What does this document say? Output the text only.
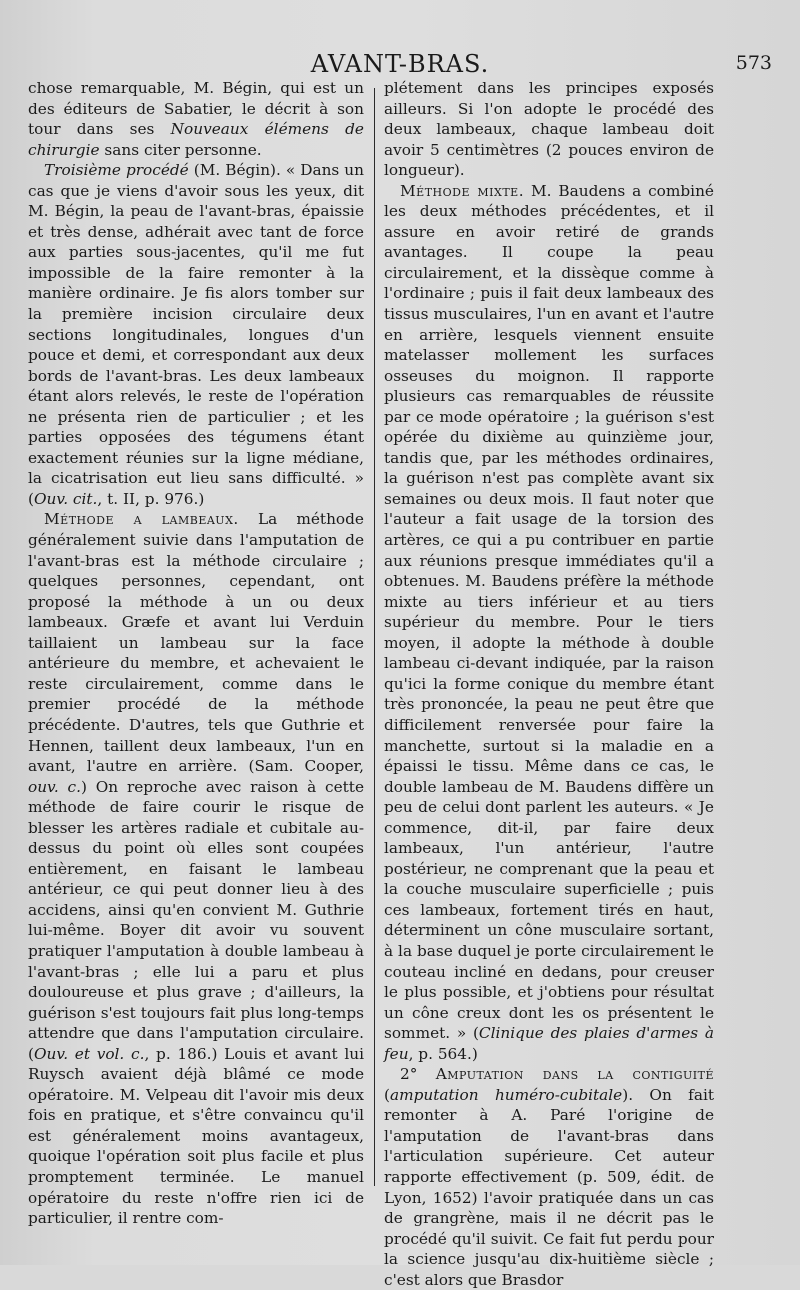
AVANT-BRAS.	573

chose remarquable, M. Bégin, qui est un des éditeurs de Sabatier, le décrit à son tour dans ses Nouveaux élémens de chirurgie sans citer personne.

Troisième procédé (M. Bégin). « Dans un cas que je viens d'avoir sous les yeux, dit M. Bégin, la peau de l'avant-bras, épaissie et très dense, adhérait avec tant de force aux parties sous-jacentes, qu'il me fut impossible de la faire remonter à la manière ordinaire. Je fis alors tomber sur la première incision circulaire deux sections longitudinales, longues d'un pouce et demi, et correspondant aux deux bords de l'avant-bras. Les deux lambeaux étant alors relevés, le reste de l'opération ne présenta rien de particulier ; et les parties opposées des tégumens étant exactement réunies sur la ligne médiane, la cicatrisation eut lieu sans difficulté. » (Ouv. cit., t. II, p. 976.)

Méthode a lambeaux. La méthode généralement suivie dans l'amputation de l'avant-bras est la méthode circulaire ; quelques personnes, cependant, ont proposé la méthode à un ou deux lambeaux. Græfe et avant lui Verduin taillaient un lambeau sur la face antérieure du membre, et achevaient le reste circulairement, comme dans le premier procédé de la méthode précédente. D'autres, tels que Guthrie et Hennen, taillent deux lambeaux, l'un en avant, l'autre en arrière. (Sam. Cooper, ouv. c.) On reproche avec raison à cette méthode de faire courir le risque de blesser les artères radiale et cubitale au-dessus du point où elles sont coupées entièrement, en faisant le lambeau antérieur, ce qui peut donner lieu à des accidens, ainsi qu'en convient M. Guthrie lui-même. Boyer dit avoir vu souvent pratiquer l'amputation à double lambeau à l'avant-bras ; elle lui a paru et plus douloureuse et plus grave ; d'ailleurs, la guérison s'est toujours fait plus long-temps attendre que dans l'amputation circulaire. (Ouv. et vol. c., p. 186.) Louis et avant lui Ruysch avaient déjà blâmé ce mode opératoire. M. Velpeau dit l'avoir mis deux fois en pratique, et s'être convaincu qu'il est généralement moins avantageux, quoique l'opération soit plus facile et plus promptement terminée. Le manuel opératoire du reste n'offre rien ici de particulier, il rentre com-

plétement dans les principes exposés ailleurs. Si l'on adopte le procédé des deux lambeaux, chaque lambeau doit avoir 5 centimètres (2 pouces environ de longueur).

Méthode mixte. M. Baudens a combiné les deux méthodes précédentes, et il assure en avoir retiré de grands avantages. Il coupe la peau circulairement, et la dissèque comme à l'ordinaire ; puis il fait deux lambeaux des tissus musculaires, l'un en avant et l'autre en arrière, lesquels viennent ensuite matelasser mollement les surfaces osseuses du moignon. Il rapporte plusieurs cas remarquables de réussite par ce mode opératoire ; la guérison s'est opérée du dixième au quinzième jour, tandis que, par les méthodes ordinaires, la guérison n'est pas complète avant six semaines ou deux mois. Il faut noter que l'auteur a fait usage de la torsion des artères, ce qui a pu contribuer en partie aux réunions presque immédiates qu'il a obtenues. M. Baudens préfère la méthode mixte au tiers inférieur et au tiers supérieur du membre. Pour le tiers moyen, il adopte la méthode à double lambeau ci-devant indiquée, par la raison qu'ici la forme conique du membre étant très prononcée, la peau ne peut être que difficilement renversée pour faire la manchette, surtout si la maladie en a épaissi le tissu. Même dans ce cas, le double lambeau de M. Baudens diffère un peu de celui dont parlent les auteurs. « Je commence, dit-il, par faire deux lambeaux, l'un antérieur, l'autre postérieur, ne comprenant que la peau et la couche musculaire superficielle ; puis ces lambeaux, fortement tirés en haut, déterminent un cône musculaire sortant, à la base duquel je porte circulairement le couteau incliné en dedans, pour creuser le plus possible, et j'obtiens pour résultat un cône creux dont les os présentent le sommet. » (Clinique des plaies d'armes à feu, p. 564.)

2° Amputation dans la contiguité (amputation huméro-cubitale). On fait remonter à A. Paré l'origine de l'amputation de l'avant-bras dans l'articulation supérieure. Cet auteur rapporte effectivement (p. 509, édit. de Lyon, 1652) l'avoir pratiquée dans un cas de grangrène, mais il ne décrit pas le procédé qu'il suivit. Ce fait fut perdu pour la science jusqu'au dix-huitième siècle ; c'est alors que Brasdor
